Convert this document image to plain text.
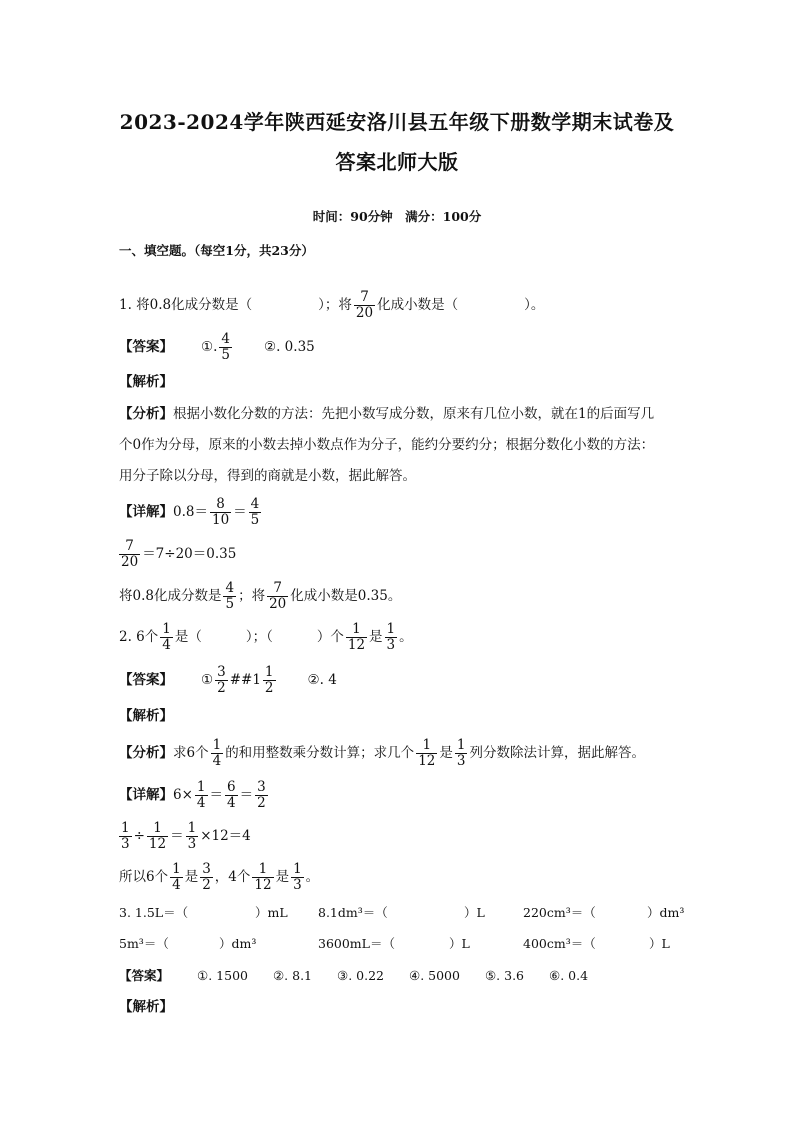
2023-2024学年陕西延安洛川县五年级下册数学期末试卷及
答案北师大版
时间：90分钟　满分：100分
一、填空题。（每空1分，共23分）
1. 将0.8化成分数是（	）；将 $\frac{7}{20}$ 化成小数是（	）。
【答案】 ①. $\frac{4}{5}$ ②. 0.35
【解析】
【分析】根据小数化分数的方法：先把小数写成分数，原来有几位小数，就在1的后面写几
个0作为分母，原来的小数去掉小数点作为分子，能约分要约分；根据分数化小数的方法：
用分子除以分母，得到的商就是小数，据此解答。
【详解】$0.8= \frac{8}{10} = \frac{4}{5}$
$\frac{7}{20} =7\div 20=0.35$
将0.8化成分数是 $\frac{4}{5}$ ；将 $\frac{7}{20}$ 化成小数是0.35。
2. 6个 $\frac{1}{4}$ 是（	）；（	）个 $\frac{1}{12}$ 是 $\frac{1}{3}$ 。
【答案】 ① $\frac{3}{2}$ ##1 $\frac{1}{2}$ ②. 4
【解析】
【分析】求6个 $\frac{1}{4}$ 的和用整数乘分数计算；求几个 $\frac{1}{12}$ 是 $\frac{1}{3}$ 列分数除法计算，据此解答。
【详解】$6\times \frac{1}{4} = \frac{6}{4} = \frac{3}{2}$
$\frac{1}{3} \div \frac{1}{12} = \frac{1}{3} \times 12=4$
所以6个 $\frac{1}{4}$ 是 $\frac{3}{2}$ ，4个 $\frac{1}{12}$ 是 $\frac{1}{3}$ 。
3. 1.5L＝（	）mL 8.1dm³＝（	）L	220cm³＝（	）dm³
5m³＝（	）dm³	3600mL＝（	）L	400cm³＝（	）L
【答案】 ①. 1500　　②. 8.1　　③. 0.22　　④. 5000　　⑤. 3.6　　⑥. 0.4
【解析】
